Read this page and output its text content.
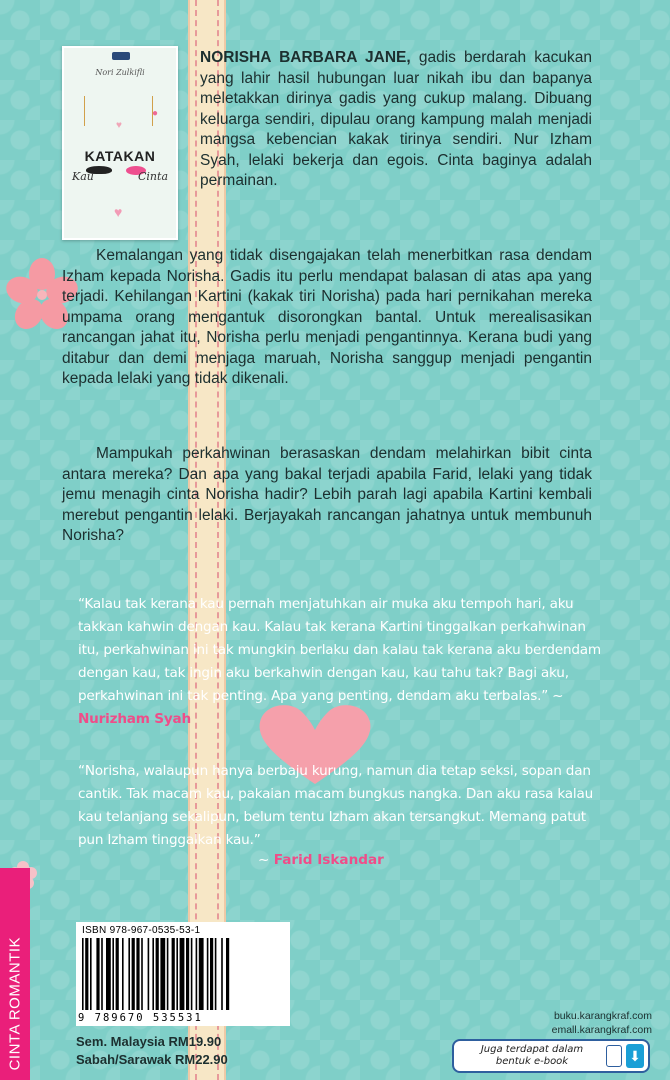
Nori Zulkifli
♥
●
KATAKAN
Kau	Cinta
♥

NORISHA BARBARA JANE, gadis berdarah kacukan yang lahir hasil hubungan luar nikah ibu dan bapanya meletakkan dirinya gadis yang cukup malang. Dibuang keluarga sendiri, dipulau orang kampung malah menjadi mangsa kebencian kakak tirinya sendiri. Nur Izham Syah, lelaki bekerja dan egois. Cinta baginya adalah permainan.

Kemalangan yang tidak disengajakan telah menerbitkan rasa dendam Izham kepada Norisha. Gadis itu perlu mendapat balasan di atas apa yang terjadi. Kehilangan Kartini (kakak tiri Norisha) pada hari pernikahan mereka umpama orang mengantuk disorongkan bantal. Untuk merealisasikan rancangan jahat itu, Norisha perlu menjadi pengantinnya. Kerana budi yang ditabur dan demi menjaga maruah, Norisha sanggup menjadi pengantin kepada lelaki yang tidak dikenali.

Mampukah perkahwinan berasaskan dendam melahirkan bibit cinta antara mereka? Dan apa yang bakal terjadi apabila Farid, lelaki yang tidak jemu menagih cinta Norisha hadir? Lebih parah lagi apabila Kartini kembali merebut pengantin lelaki. Berjayakah rancangan jahatnya untuk membunuh Norisha?

“Kalau tak kerana kau pernah menjatuhkan air muka aku tempoh hari, aku takkan kahwin dengan kau. Kalau tak kerana Kartini tinggalkan perkahwinan itu, perkahwinan ini tak mungkin berlaku dan kalau tak kerana aku berdendam dengan kau, tak ingin aku berkahwin dengan kau, kau tahu tak? Bagi aku, perkahwinan ini tak penting. Apa yang penting, dendam aku terbalas.” ~ Nurizham Syah

“Norisha, walaupun hanya berbaju kurung, namun dia tetap seksi, sopan dan cantik. Tak macam kau, pakaian macam bungkus nangka. Dan aku rasa kalau kau telanjang sekalipun, belum tentu Izham akan tersangkut. Memang patut pun Izham tinggalkan kau.”

~ Farid Iskandar
CINTA ROMANTIK
ISBN 978-967-0535-53-1
9 789670 535531
Sem. Malaysia RM19.90
Sabah/Sarawak RM22.90
buku.karangkraf.com
emall.karangkraf.com
Juga terdapat dalam
bentuk e-book	⬇
